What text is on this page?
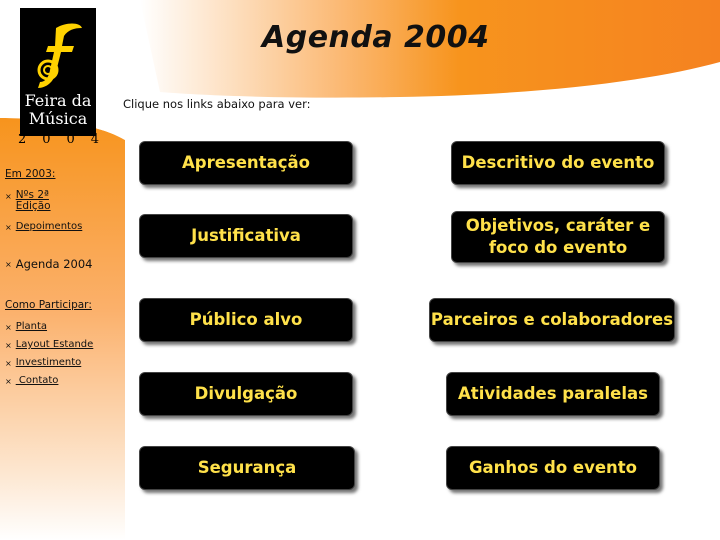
Feira da
Música
2 0 0 4
Agenda 2004
Clique nos links abaixo para ver:
Em 2003:
× Nºs 2ª Edição
× Depoimentos
× Agenda 2004
Como Participar:
× Planta
× Layout Estande
× Investimento
× Contato
Apresentação
Justificativa
Público alvo
Divulgação
Segurança
Descritivo do evento
Objetivos, caráter e
foco do evento
Parceiros e colaboradores
Atividades paralelas
Ganhos do evento
